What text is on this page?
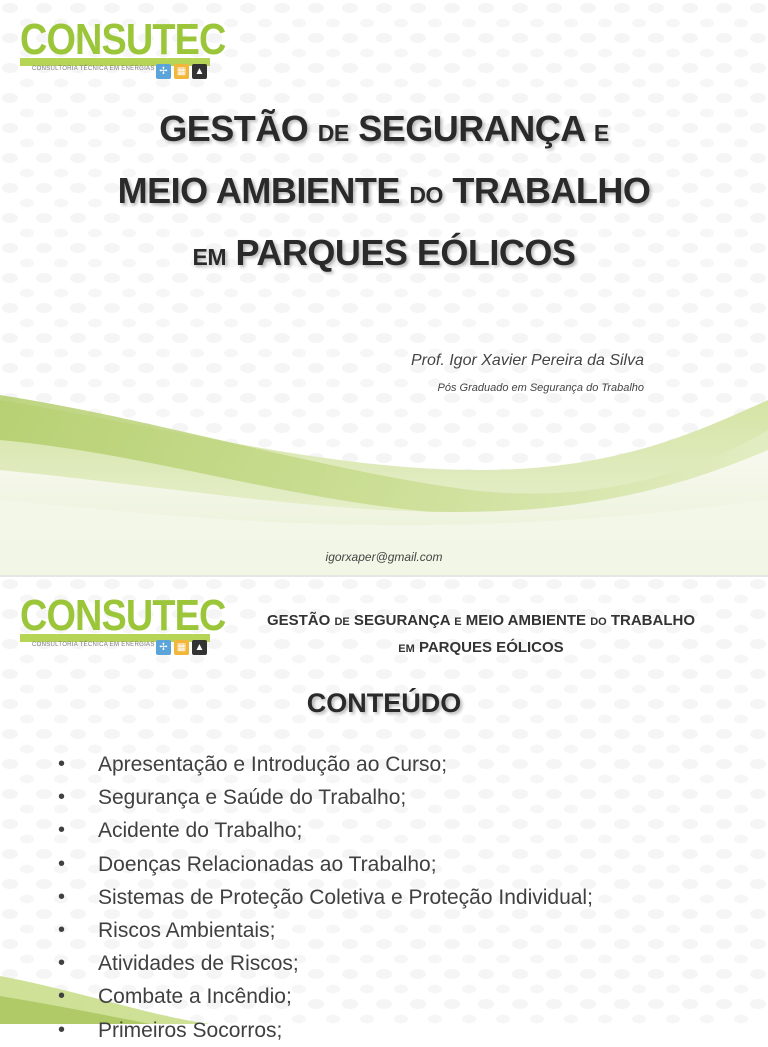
CONSUTEC
CONSULTORIA TÉCNICA EM ENERGIAS ✢ ▦ ▲
GESTÃO DE SEGURANÇA E
MEIO AMBIENTE DO TRABALHO
EM PARQUES EÓLICOS
Prof. Igor Xavier Pereira da Silva
Pós Graduado em Segurança do Trabalho
igorxaper@gmail.com
CONSUTEC
CONSULTORIA TÉCNICA EM ENERGIAS ✢ ▦ ▲
GESTÃO DE SEGURANÇA E MEIO AMBIENTE DO TRABALHO
EM PARQUES EÓLICOS
CONTEÚDO
• Apresentação e Introdução ao Curso;
• Segurança e Saúde do Trabalho;
• Acidente do Trabalho;
• Doenças Relacionadas ao Trabalho;
• Sistemas de Proteção Coletiva e Proteção Individual;
• Riscos Ambientais;
• Atividades de Riscos;
• Combate a Incêndio;
• Primeiros Socorros;
